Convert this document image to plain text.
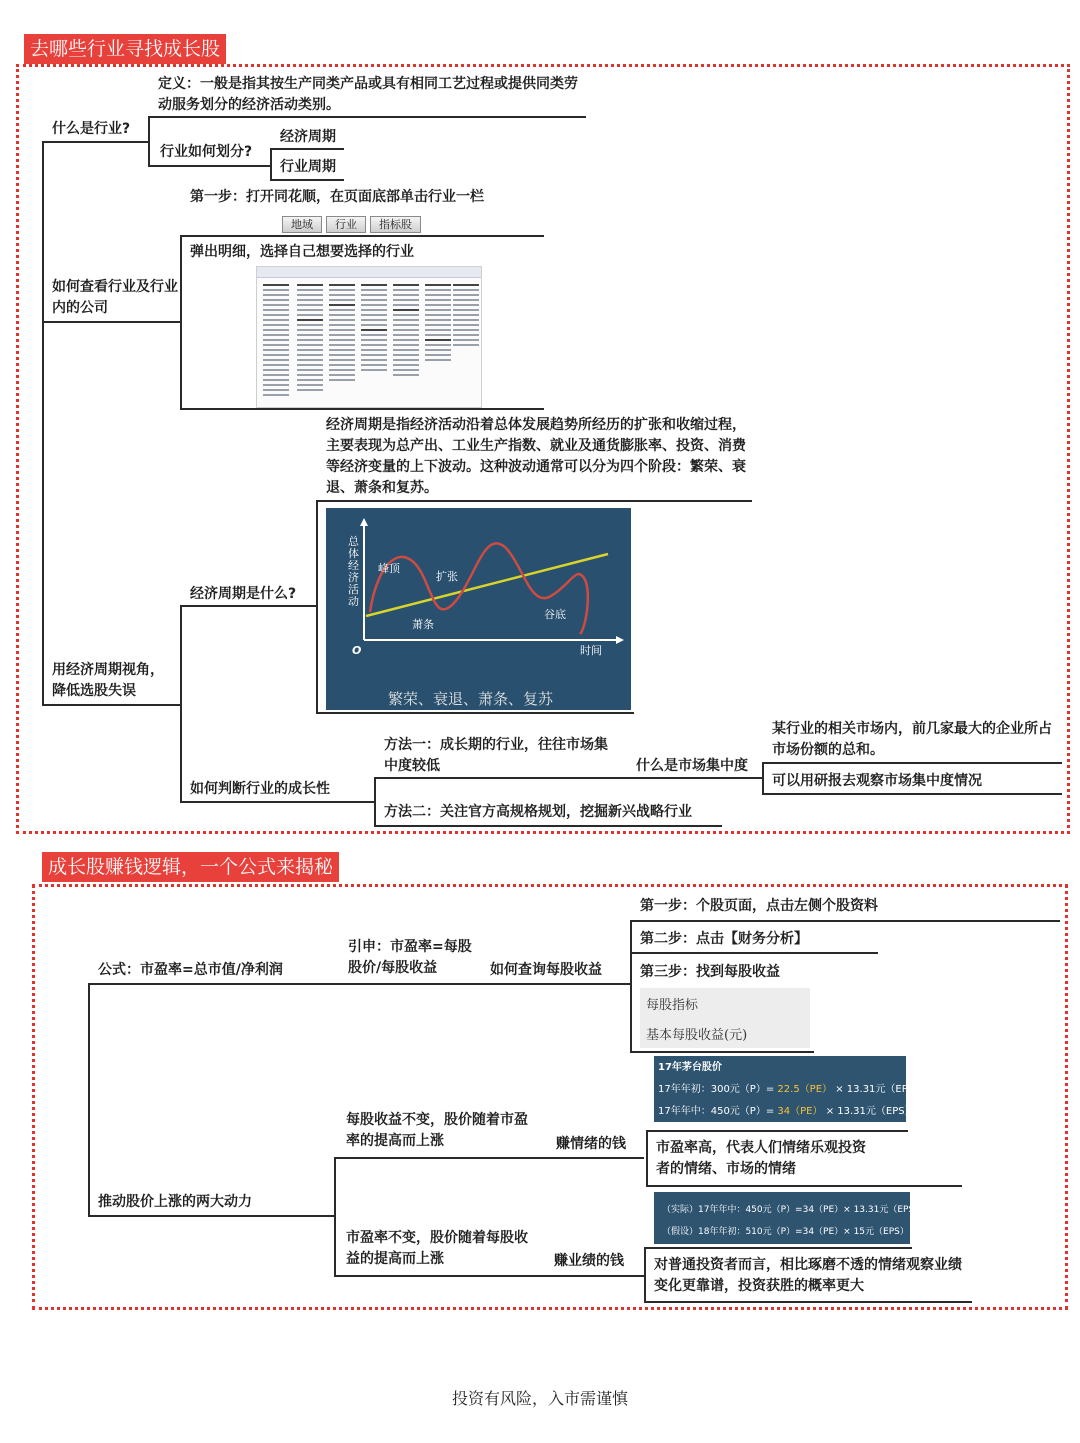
去哪些行业寻找成长股
什么是行业?
定义：一般是指其按生产同类产品或具有相同工艺过程或提供同类劳动服务划分的经济活动类别。
行业如何划分?
经济周期
行业周期
如何查看行业及行业内的公司
第一步：打开同花顺，在页面底部单击行业一栏
地域	行业	指标股
弹出明细，选择自己想要选择的行业
用经济周期视角，降低选股失误
经济周期是什么?
经济周期是指经济活动沿着总体发展趋势所经历的扩张和收缩过程，主要表现为总产出、工业生产指数、就业及通货膨胀率、投资、消费等经济变量的上下波动。这种波动通常可以分为四个阶段：繁荣、衰退、萧条和复苏。
总体经济活动
峰顶
扩张
萧条
谷底
O	时间
繁荣、衰退、萧条、复苏
如何判断行业的成长性
方法一：成长期的行业，往往市场集中度较低	什么是市场集中度
某行业的相关市场内，前几家最大的企业所占市场份额的总和。
可以用研报去观察市场集中度情况
方法二：关注官方高规格规划，挖掘新兴战略行业
成长股赚钱逻辑，一个公式来揭秘
公式：市盈率=总市值/净利润
引申：市盈率=每股股价/每股收益	如何查询每股收益
第一步：个股页面，点击左侧个股资料
第二步：点击【财务分析】
第三步：找到每股收益
每股指标
基本每股收益(元)
推动股价上涨的两大动力
每股收益不变，股价随着市盈率的提高而上涨	赚情绪的钱
17年茅台股价
17年年初：300元（P）= 22.5（PE） × 13.31元（EPS）
17年年中：450元（P）= 34（PE） × 13.31元（EPS）
市盈率高，代表人们情绪乐观投资者的情绪、市场的情绪
市盈率不变，股价随着每股收益的提高而上涨	赚业绩的钱
（实际）17年年中：450元（P）=34（PE）× 13.31元（EPS）
（假设）18年年初：510元（P）=34（PE）× 15元（EPS）
对普通投资者而言，相比琢磨不透的情绪观察业绩变化更靠谱，投资获胜的概率更大
投资有风险，入市需谨慎
